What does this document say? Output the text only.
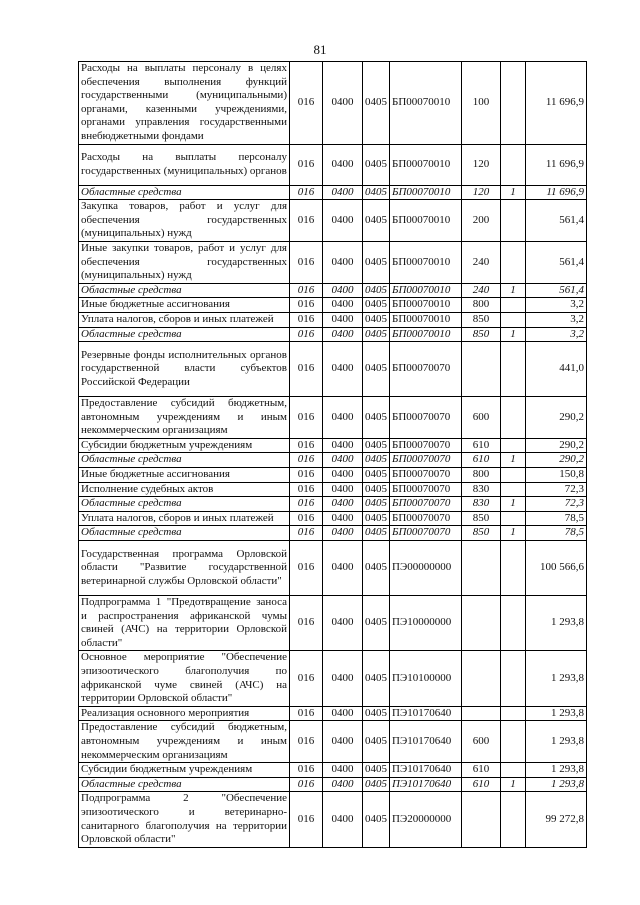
81
Расходы на выплаты персоналу в целях обеспечения выполнения функций государственными (муниципальными) органами, казенными учреждениями, органами управления государственными внебюджетными фондами	016	0400	0405	БП00070010	100		11 696,9
Расходы на выплаты персоналу государственных (муниципальных) органов	016	0400	0405	БП00070010	120		11 696,9
Областные средства	016	0400	0405	БП00070010	120	1	11 696,9
Закупка товаров, работ и услуг для обеспечения государственных (муниципальных) нужд	016	0400	0405	БП00070010	200		561,4
Иные закупки товаров, работ и услуг для обеспечения государственных (муниципальных) нужд	016	0400	0405	БП00070010	240		561,4
Областные средства	016	0400	0405	БП00070010	240	1	561,4
Иные бюджетные ассигнования	016	0400	0405	БП00070010	800		3,2
Уплата налогов, сборов и иных платежей	016	0400	0405	БП00070010	850		3,2
Областные средства	016	0400	0405	БП00070010	850	1	3,2
Резервные фонды исполнительных органов государственной власти субъектов Российской Федерации	016	0400	0405	БП00070070			441,0
Предоставление субсидий бюджетным, автономным учреждениям и иным некоммерческим организациям	016	0400	0405	БП00070070	600		290,2
Субсидии бюджетным учреждениям	016	0400	0405	БП00070070	610		290,2
Областные средства	016	0400	0405	БП00070070	610	1	290,2
Иные бюджетные ассигнования	016	0400	0405	БП00070070	800		150,8
Исполнение судебных актов	016	0400	0405	БП00070070	830		72,3
Областные средства	016	0400	0405	БП00070070	830	1	72,3
Уплата налогов, сборов и иных платежей	016	0400	0405	БП00070070	850		78,5
Областные средства	016	0400	0405	БП00070070	850	1	78,5
Государственная программа Орловской области "Развитие государственной ветеринарной службы Орловской области"	016	0400	0405	ПЭ00000000			100 566,6
Подпрограмма 1 "Предотвращение заноса и распространения африканской чумы свиней (АЧС) на территории Орловской области"	016	0400	0405	ПЭ10000000			1 293,8
Основное мероприятие "Обеспечение эпизоотического благополучия по африканской чуме свиней (АЧС) на территории Орловской области"	016	0400	0405	ПЭ10100000			1 293,8
Реализация основного мероприятия	016	0400	0405	ПЭ10170640			1 293,8
Предоставление субсидий бюджетным, автономным учреждениям и иным некоммерческим организациям	016	0400	0405	ПЭ10170640	600		1 293,8
Субсидии бюджетным учреждениям	016	0400	0405	ПЭ10170640	610		1 293,8
Областные средства	016	0400	0405	ПЭ10170640	610	1	1 293,8
Подпрограмма 2 "Обеспечение эпизоотического и ветеринарно-санитарного благополучия на территории Орловской области"	016	0400	0405	ПЭ20000000			99 272,8
